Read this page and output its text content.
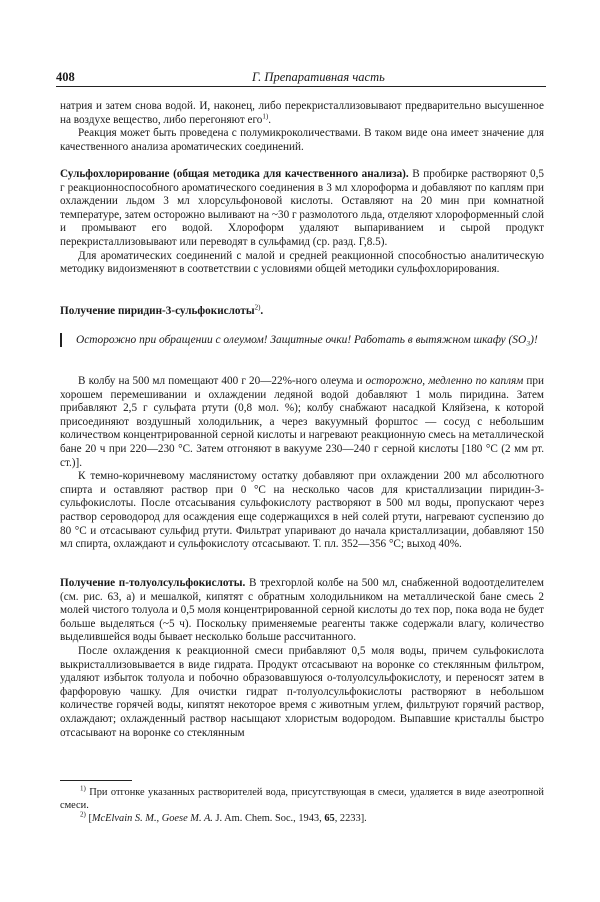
408	Г. Препаративная часть

натрия и затем снова водой. И, наконец, либо перекристаллизовывают предварительно высушенное на воздухе вещество, либо перегоняют его$^{1)}$.

Реакция может быть проведена с полумикроколичествами. В таком виде она имеет значение для качественного анализа ароматических соединений.

Сульфохлорирование (общая методика для качественного анализа). В пробирке растворяют 0,5 г реакционноспособного ароматического соединения в 3 мл хлороформа и добавляют по каплям при охлаждении льдом 3 мл хлорсульфоновой кислоты. Оставляют на 20 мин при комнатной температуре, затем осторожно выливают на ~30 г размолотого льда, отделяют хлороформенный слой и промывают его водой. Хлороформ удаляют выпариванием и сырой продукт перекристаллизовывают или переводят в сульфамид (ср. разд. Г,8.5).

Для ароматических соединений с малой и средней реакционной способностью аналитическую методику видоизменяют в соответствии с условиями общей методики сульфохлорирования.

Получение пиридин-3-сульфокислоты$^{2)}$.

Осторожно при обращении с олеумом! Защитные очки! Работать в вытяжном шкафу (SO₃)!

В колбу на 500 мл помещают 400 г 20—22%-ного олеума и осторожно, медленно по каплям при хорошем перемешивании и охлаждении ледяной водой добавляют 1 моль пиридина. Затем прибавляют 2,5 г сульфата ртути (0,8 мол. %); колбу снабжают насадкой Кляйзена, к которой присоединяют воздушный холодильник, а через вакуумный форштос — сосуд с небольшим количеством концентрированной серной кислоты и нагревают реакционную смесь на металлической бане 20 ч при 220—230 °С. Затем отгоняют в вакууме 230—240 г серной кислоты [180 °С (2 мм рт. ст.)].

К темно-коричневому маслянистому остатку добавляют при охлаждении 200 мл абсолютного спирта и оставляют раствор при 0 °С на несколько часов для кристаллизации пиридин-3-сульфокислоты. После отсасывания сульфокислоту растворяют в 500 мл воды, пропускают через раствор сероводород для осаждения еще содержащихся в ней солей ртути, нагревают суспензию до 80 °С и отсасывают сульфид ртути. Фильтрат упаривают до начала кристаллизации, добавляют 150 мл спирта, охлаждают и сульфокислоту отсасывают. Т. пл. 352—356 °С; выход 40%.

Получение п-толуолсульфокислоты. В трехгорлой колбе на 500 мл, снабженной водоотделителем (см. рис. 63, а) и мешалкой, кипятят с обратным холодильником на металлической бане смесь 2 молей чистого толуола и 0,5 моля концентрированной серной кислоты до тех пор, пока вода не будет больше выделяться (~5 ч). Поскольку применяемые реагенты также содержали влагу, количество выделившейся воды бывает несколько больше рассчитанного.

После охлаждения к реакционной смеси прибавляют 0,5 моля воды, причем сульфокислота выкристаллизовывается в виде гидрата. Продукт отсасывают на воронке со стеклянным фильтром, удаляют избыток толуола и побочно образовавшуюся о-толуолсульфокислоту, и переносят затем в фарфоровую чашку. Для очистки гидрат п-толуолсульфокислоты растворяют в небольшом количестве горячей воды, кипятят некоторое время с животным углем, фильтруют горячий раствор, охлаждают; охлажденный раствор насыщают хлористым водородом. Выпавшие кристаллы быстро отсасывают на воронке со стеклянным

$^{1)}$ При отгонке указанных растворителей вода, присутствующая в смеси, удаляется в виде азеотропной смеси.

$^{2)}$ [McElvain S. M., Goese M. A. J. Am. Chem. Soc., 1943, 65, 2233].
